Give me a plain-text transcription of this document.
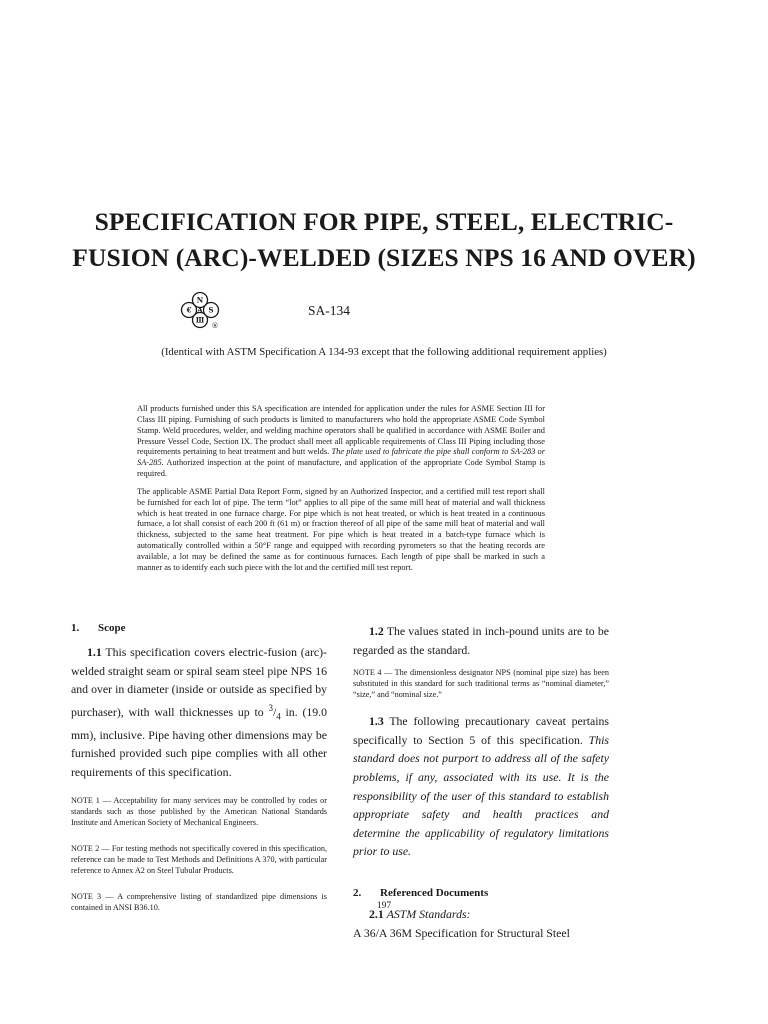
SPECIFICATION FOR PIPE, STEEL, ELECTRIC-
FUSION (ARC)-WELDED (SIZES NPS 16 AND OVER)
N
€ A S
Ⅲ
®
SA-134
(Identical with ASTM Specification A 134-93 except that the following additional requirement applies)

All products furnished under this SA specification are intended for application under the rules for ASME Section III for Class III piping. Furnishing of such products is limited to manufacturers who hold the appropriate ASME Code Symbol Stamp. Weld procedures, welder, and welding machine operators shall be qualified in accordance with ASME Boiler and Pressure Vessel Code, Section IX. The product shall meet all applicable requirements of Class III Piping including those requirements pertaining to heat treatment and butt welds. The plate used to fabricate the pipe shall conform to SA-283 or SA-285. Authorized inspection at the point of manufacture, and application of the appropriate Code Symbol Stamp is required.

The applicable ASME Partial Data Report Form, signed by an Authorized Inspector, and a certified mill test report shall be furnished for each lot of pipe. The term “lot” applies to all pipe of the same mill heat of material and wall thickness which is heat treated in one furnace charge. For pipe which is not heat treated, or which is heat treated in a continuous furnace, a lot shall consist of each 200 ft (61 m) or fraction thereof of all pipe of the same mill heat of material and wall thickness, subjected to the same heat treatment. For pipe which is heat treated in a batch-type furnace which is automatically controlled within a 50°F range and equipped with recording pyrometers so that the heating records are available, a lot may be defined the same as for continuous furnaces. Each length of pipe shall be marked in such a manner as to identify each such piece with the lot and the certified mill test report.

1. Scope

1.1 This specification covers electric-fusion (arc)-welded straight seam or spiral seam steel pipe NPS 16 and over in diameter (inside or outside as specified by purchaser), with wall thicknesses up to $^3/_4$ in. (19.0 mm), inclusive. Pipe having other dimensions may be furnished provided such pipe complies with all other requirements of this specification.

NOTE 1 — Acceptability for many services may be controlled by codes or standards such as those published by the American National Standards Institute and American Society of Mechanical Engineers.

NOTE 2 — For testing methods not specifically covered in this specification, reference can be made to Test Methods and Definitions A 370, with particular reference to Annex A2 on Steel Tubular Products.

NOTE 3 — A comprehensive listing of standardized pipe dimensions is contained in ANSI B36.10.

1.2 The values stated in inch-pound units are to be regarded as the standard.

NOTE 4 — The dimensionless designator NPS (nominal pipe size) has been substituted in this standard for such traditional terms as “nominal diameter,” “size,” and “nominal size.”

1.3 The following precautionary caveat pertains specifically to Section 5 of this specification. This standard does not purport to address all of the safety problems, if any, associated with its use. It is the responsibility of the user of this standard to establish appropriate safety and health practices and determine the applicability of regulatory limitations prior to use.

2. Referenced Documents

2.1 ASTM Standards:

A 36/A 36M Specification for Structural Steel

197
